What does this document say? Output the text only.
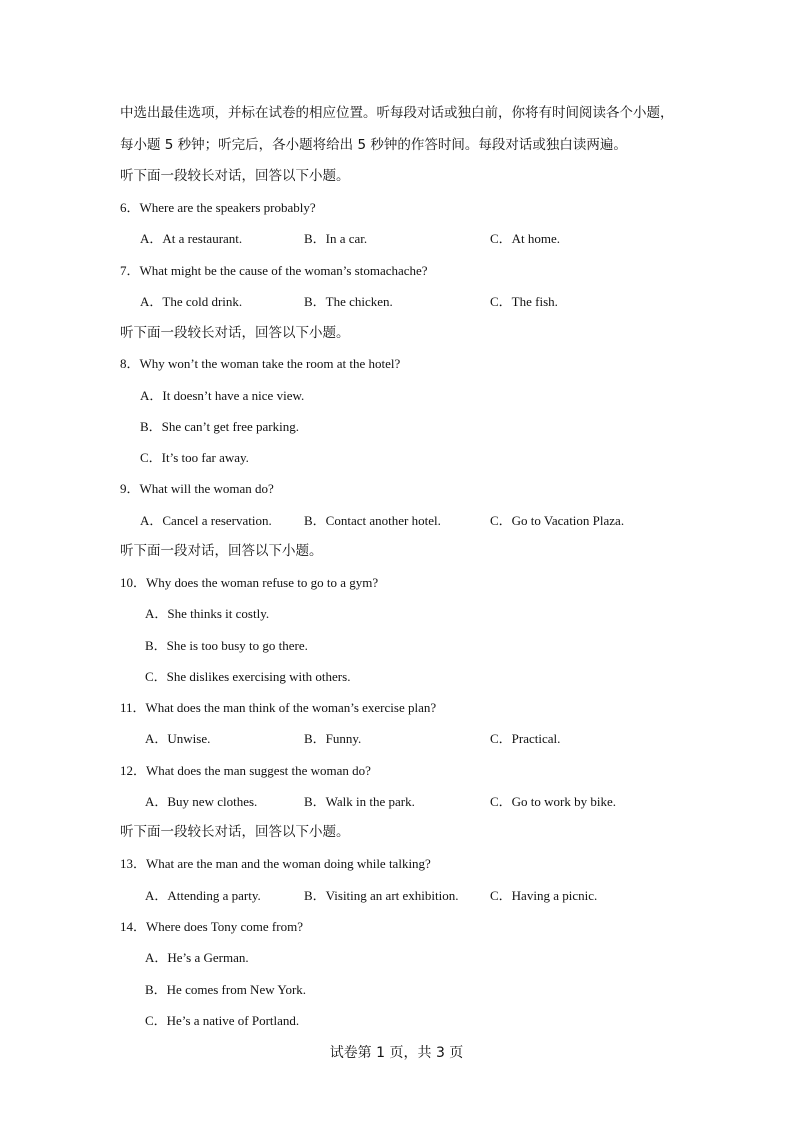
中选出最佳选项，并标在试卷的相应位置。听每段对话或独白前，你将有时间阅读各个小题，
每小题 5 秒钟；听完后，各小题将给出 5 秒钟的作答时间。每段对话或独白读两遍。
听下面一段较长对话，回答以下小题。
6．Where are the speakers probably?
A．At a restaurant.	B．In a car.	C．At home.
7．What might be the cause of the woman’s stomachache?
A．The cold drink.	B．The chicken.	C．The fish.
听下面一段较长对话，回答以下小题。
8．Why won’t the woman take the room at the hotel?
A．It doesn’t have a nice view.
B．She can’t get free parking.
C．It’s too far away.
9．What will the woman do?
A．Cancel a reservation. B．Contact another hotel.	C．Go to Vacation Plaza.
听下面一段对话，回答以下小题。
10．Why does the woman refuse to go to a gym?
A．She thinks it costly.
B．She is too busy to go there.
C．She dislikes exercising with others.
11．What does the man think of the woman’s exercise plan?
A．Unwise.	B．Funny.	C．Practical.
12．What does the man suggest the woman do?
A．Buy new clothes.	B．Walk in the park.	C．Go to work by bike.
听下面一段较长对话，回答以下小题。
13．What are the man and the woman doing while talking?
A．Attending a party.	B．Visiting an art exhibition. C．Having a picnic.
14．Where does Tony come from?
A．He’s a German.
B．He comes from New York.
C．He’s a native of Portland.
试卷第 1 页，共 3 页
